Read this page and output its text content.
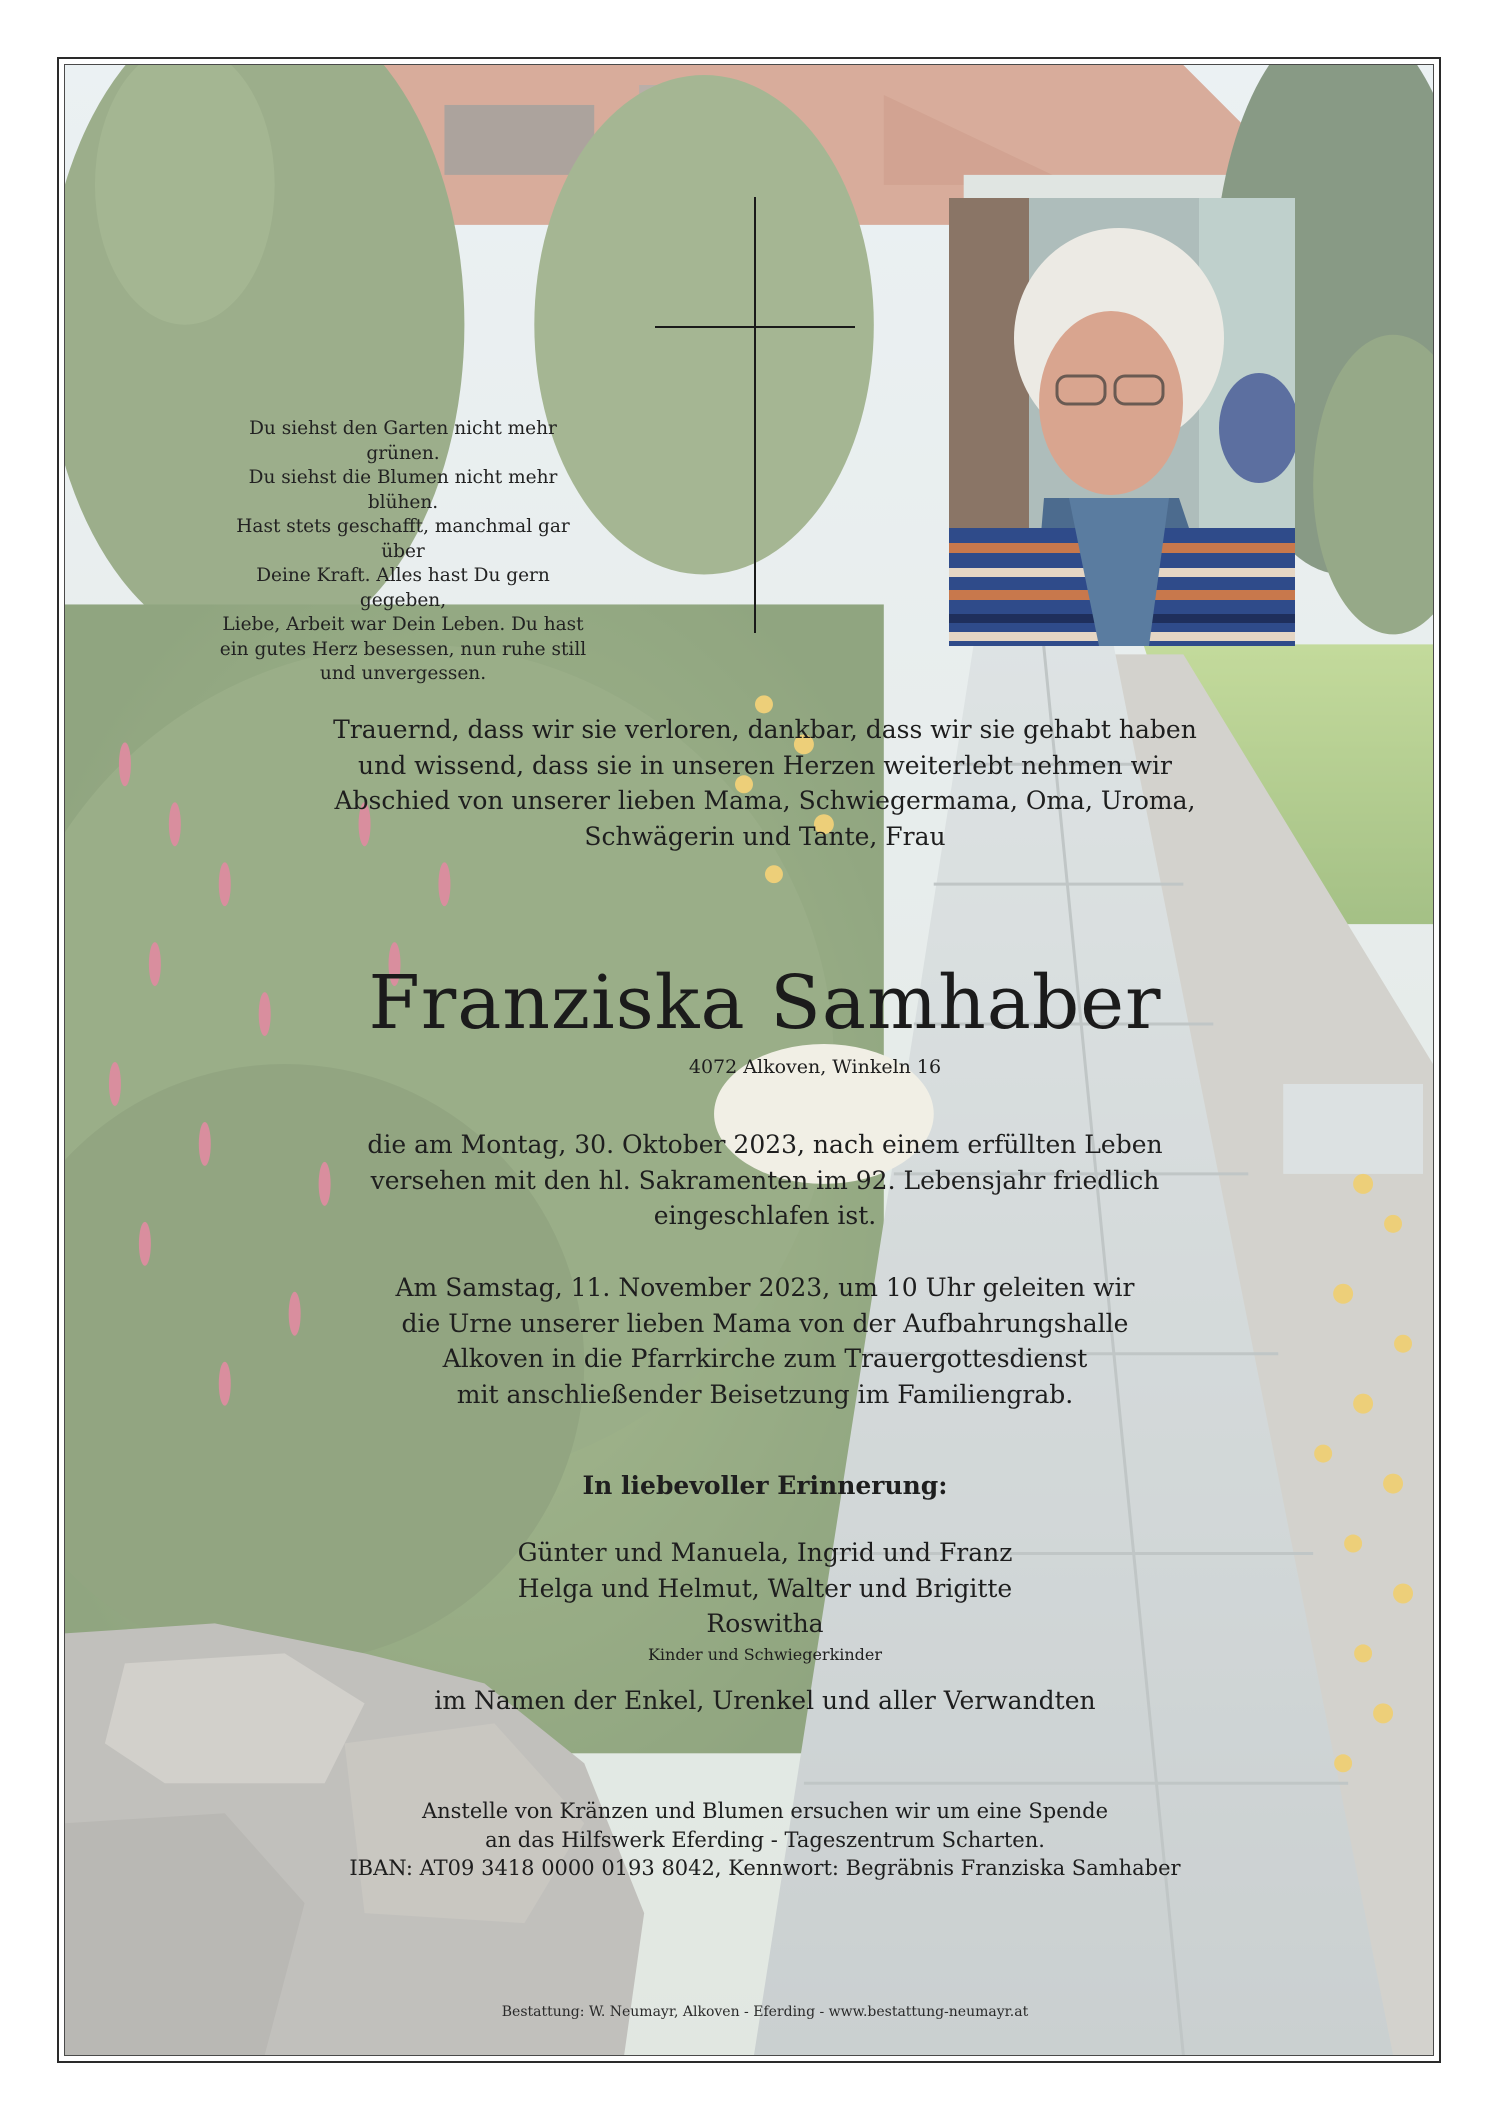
Du siehst den Garten nicht mehr grünen.
Du siehst die Blumen nicht mehr blühen.
Hast stets geschafft, manchmal gar über
Deine Kraft. Alles hast Du gern gegeben,
Liebe, Arbeit war Dein Leben. Du hast
ein gutes Herz besessen, nun ruhe still
und unvergessen.
Trauernd, dass wir sie verloren, dankbar, dass wir sie gehabt haben
und wissend, dass sie in unseren Herzen weiterlebt nehmen wir
Abschied von unserer lieben Mama, Schwiegermama, Oma, Uroma,
Schwägerin und Tante, Frau
Franziska Samhaber
4072 Alkoven, Winkeln 16
die am Montag, 30. Oktober 2023, nach einem erfüllten Leben
versehen mit den hl. Sakramenten im 92. Lebensjahr friedlich
eingeschlafen ist.
Am Samstag, 11. November 2023, um 10 Uhr geleiten wir
die Urne unserer lieben Mama von der Aufbahrungshalle
Alkoven in die Pfarrkirche zum Trauergottesdienst
mit anschließender Beisetzung im Familiengrab.
In liebevoller Erinnerung:
Günter und Manuela, Ingrid und Franz
Helga und Helmut, Walter und Brigitte
Roswitha
Kinder und Schwiegerkinder
im Namen der Enkel, Urenkel und aller Verwandten
Anstelle von Kränzen und Blumen ersuchen wir um eine Spende
an das Hilfswerk Eferding - Tageszentrum Scharten.
IBAN: AT09 3418 0000 0193 8042, Kennwort: Begräbnis Franziska Samhaber
Bestattung: W. Neumayr, Alkoven - Eferding - www.bestattung-neumayr.at
